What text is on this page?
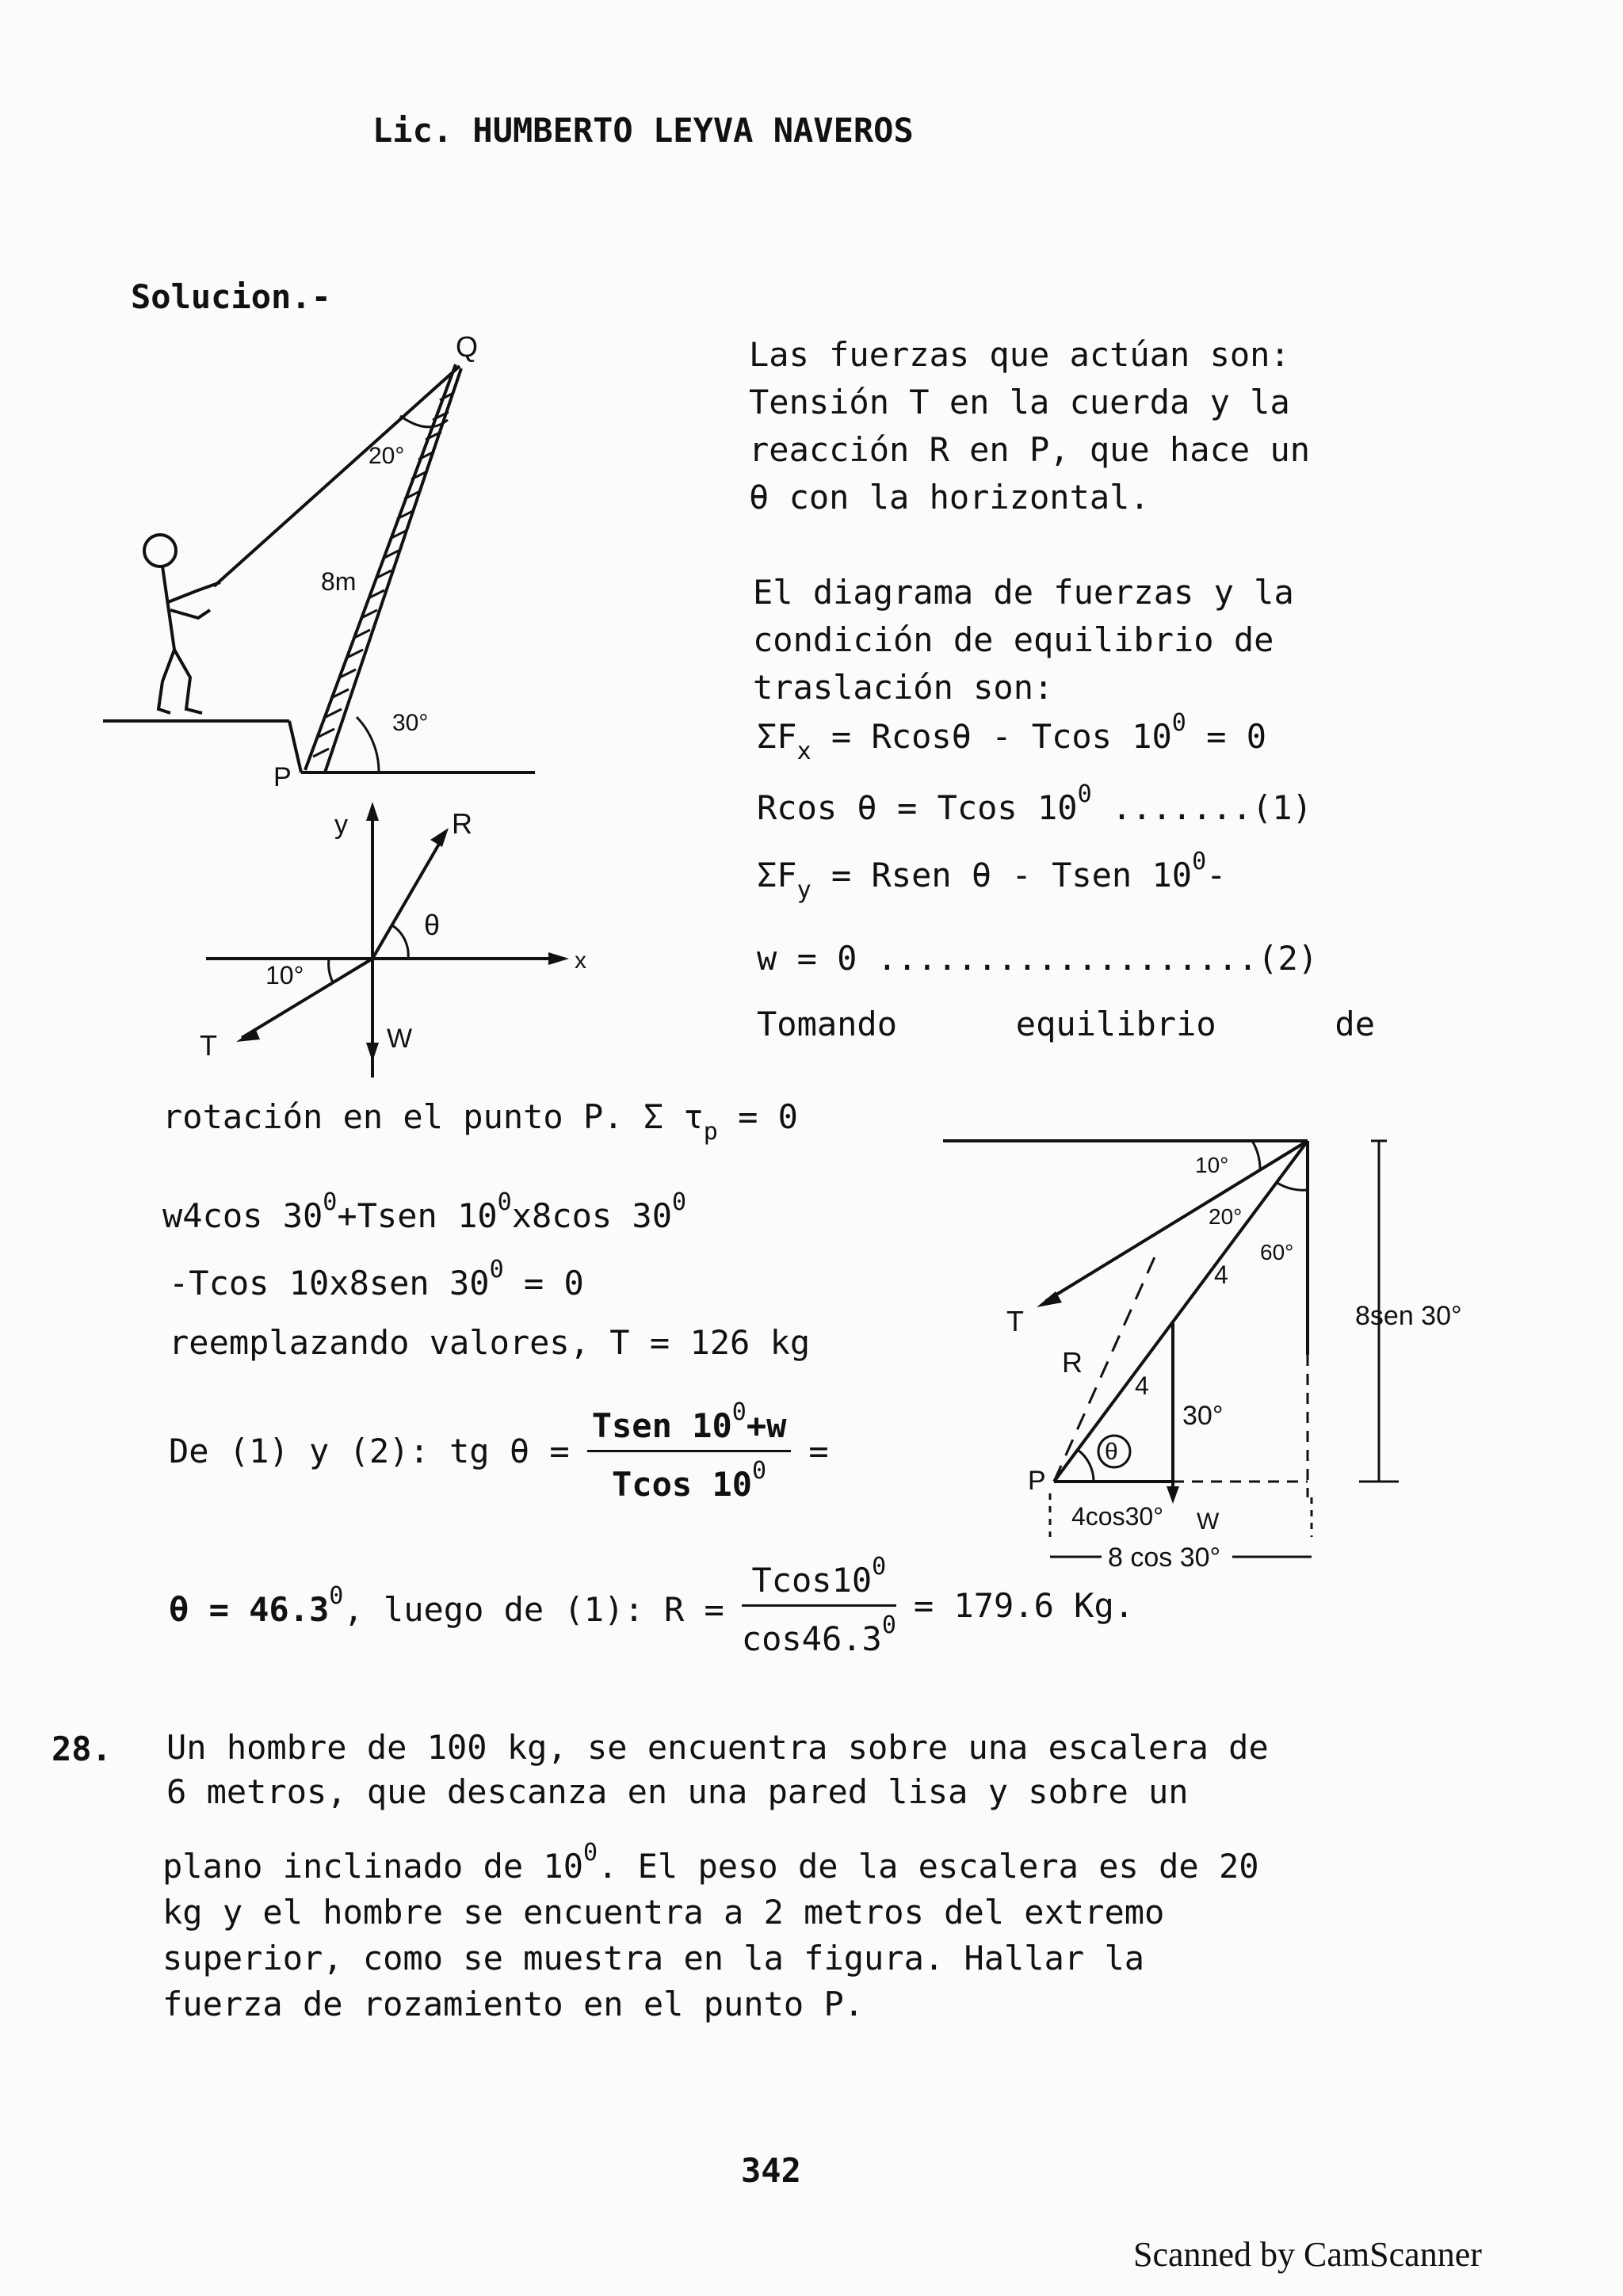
Lic. HUMBERTO LEYVA NAVEROS
Solucion.-
Q
20°
8m
30°
P
y
x
R
θ
10°
T	W
Las fuerzas que actúan son:
Tensión T en la cuerda y la
reacción R en P, que hace un
θ con la horizontal.
El diagrama de fuerzas y la
condición de equilibrio de
traslación son:
$\Sigma F_x = Rcos\theta - Tcos$ $10^0 = 0$
Rcos θ = Tcos $10^0$ .......(1)
$\Sigma F_y$ = Rsen θ - Tsen $10^0-$
w = 0 ...................(2)
Tomando	equilibrio	de
rotación en el punto P. Σ $\tau_p = 0$
w4cos $30^0+Tsen$ $10^0x8\cos$ $30^0$
-Tcos 10x8sen $30^0 = 0$
reemplazando valores, T = 126 kg
De (1) y (2): tg $\theta = \frac{Tsen 10^0+w}{Tcos 10^0}$ =
$\theta = 46.3^0$, luego de (1): $R = \frac{Tcos10^0}{\cos 46.3^0} = 179.6$ Kg.
10°
20°
60°
4
T
R
4
30°
θ
P
4cos30° W
8 cos 30°
8sen 30°
28. Un hombre de 100 kg, se encuentra sobre una escalera de
6 metros, que descanza en una pared lisa y sobre un
plano inclinado de $10^0$. El peso de la escalera es de 20
kg y el hombre se encuentra a 2 metros del extremo
superior, como se muestra en la figura. Hallar la
fuerza de rozamiento en el punto P.
342
Scanned by CamScanner
